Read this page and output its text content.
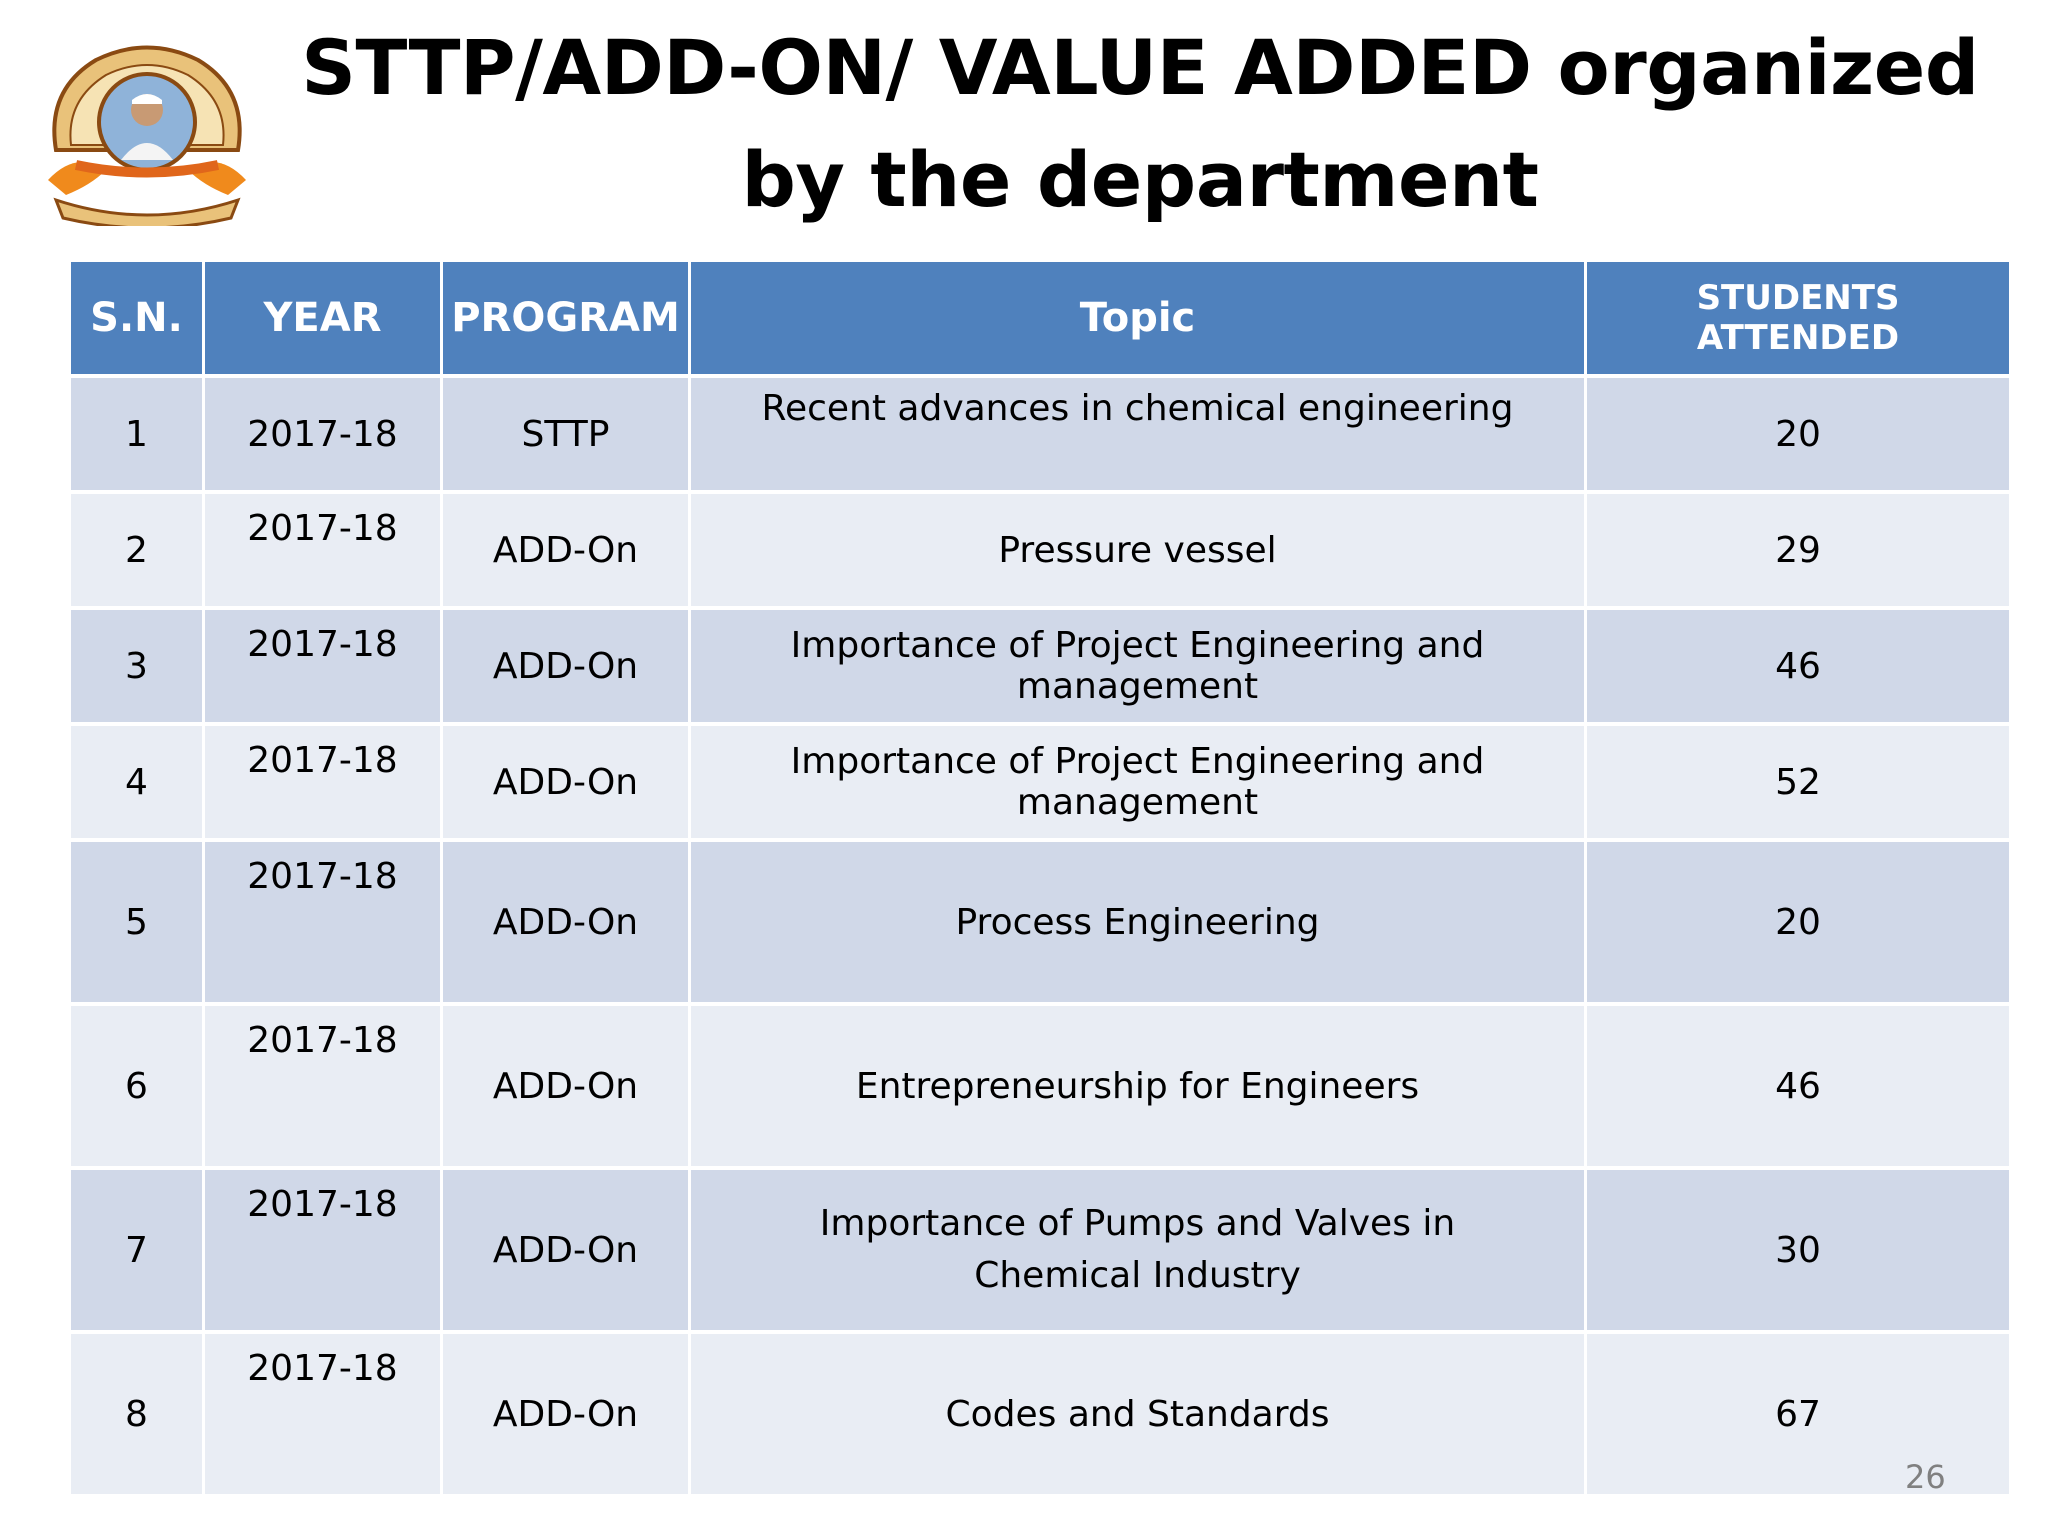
STTP/ADD-ON/ VALUE ADDED organized by the department
S.N.	YEAR	PROGRAM	Topic	STUDENTS ATTENDED
1	2017-18	STTP	Recent advances in chemical engineering	20
2	2017-18	ADD-On	Pressure vessel	29
3	2017-18	ADD-On	Importance of Project Engineering and management	46
4	2017-18	ADD-On	Importance of Project Engineering and management	52
5	2017-18	ADD-On	Process Engineering	20
6	2017-18	ADD-On	Entrepreneurship for Engineers	46
7	2017-18	ADD-On	Importance of Pumps and Valves in Chemical Industry	30
8	2017-18	ADD-On	Codes and Standards	67
26
